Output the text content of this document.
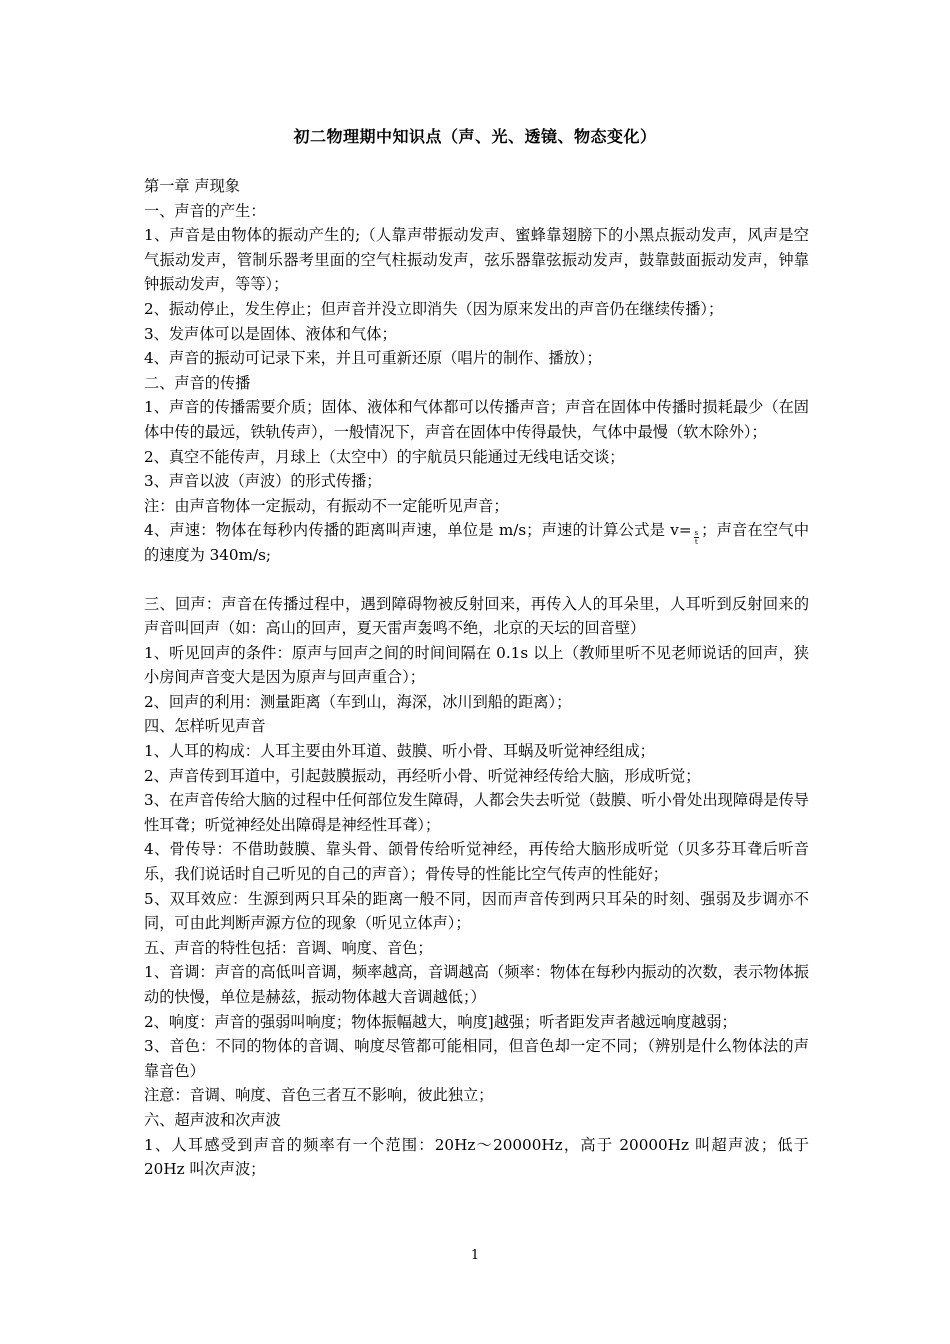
初二物理期中知识点（声、光、透镜、物态变化）

第一章 声现象

一、声音的产生：

1、声音是由物体的振动产生的;（人靠声带振动发声、蜜蜂靠翅膀下的小黑点振动发声，风声是空气振动发声，管制乐器考里面的空气柱振动发声，弦乐器靠弦振动发声，鼓靠鼓面振动发声，钟靠钟振动发声，等等）；

2、振动停止，发生停止；但声音并没立即消失（因为原来发出的声音仍在继续传播）；

3、发声体可以是固体、液体和气体；

4、声音的振动可记录下来，并且可重新还原（唱片的制作、播放）；

二、声音的传播

1、声音的传播需要介质；固体、液体和气体都可以传播声音；声音在固体中传播时损耗最少（在固体中传的最远，铁轨传声），一般情况下，声音在固体中传得最快，气体中最慢（软木除外）；

2、真空不能传声，月球上（太空中）的宇航员只能通过无线电话交谈；

3、声音以波（声波）的形式传播；

注：由声音物体一定振动，有振动不一定能听见声音；

4、声速：物体在每秒内传播的距离叫声速，单位是 m/s；声速的计算公式是 $v= \frac{s}{t}$ ；声音在空气中的速度为 340m/s;

三、回声：声音在传播过程中，遇到障碍物被反射回来，再传入人的耳朵里，人耳听到反射回来的声音叫回声（如：高山的回声，夏天雷声轰鸣不绝，北京的天坛的回音壁）

1、听见回声的条件：原声与回声之间的时间间隔在 0.1s 以上（教师里听不见老师说话的回声，狭小房间声音变大是因为原声与回声重合）；

2、回声的利用：测量距离（车到山，海深，冰川到船的距离）；

四、怎样听见声音

1、人耳的构成：人耳主要由外耳道、鼓膜、听小骨、耳蜗及听觉神经组成；

2、声音传到耳道中，引起鼓膜振动，再经听小骨、听觉神经传给大脑，形成听觉；

3、在声音传给大脑的过程中任何部位发生障碍，人都会失去听觉（鼓膜、听小骨处出现障碍是传导性耳聋；听觉神经处出障碍是神经性耳聋）；

4、骨传导：不借助鼓膜、靠头骨、颌骨传给听觉神经，再传给大脑形成听觉（贝多芬耳聋后听音乐，我们说话时自己听见的自己的声音）；骨传导的性能比空气传声的性能好；

5、双耳效应：生源到两只耳朵的距离一般不同，因而声音传到两只耳朵的时刻、强弱及步调亦不同，可由此判断声源方位的现象（听见立体声）；

五、声音的特性包括：音调、响度、音色；

1、音调：声音的高低叫音调，频率越高，音调越高（频率：物体在每秒内振动的次数，表示物体振动的快慢，单位是赫兹，振动物体越大音调越低；）

2、响度：声音的强弱叫响度；物体振幅越大，响度]越强；听者距发声者越远响度越弱；

3、音色：不同的物体的音调、响度尽管都可能相同，但音色却一定不同；（辨别是什么物体法的声靠音色）

注意：音调、响度、音色三者互不影响，彼此独立；

六、超声波和次声波

1、人耳感受到声音的频率有一个范围：20Hz～20000Hz，高于 20000Hz 叫超声波；低于 20Hz 叫次声波；

1
